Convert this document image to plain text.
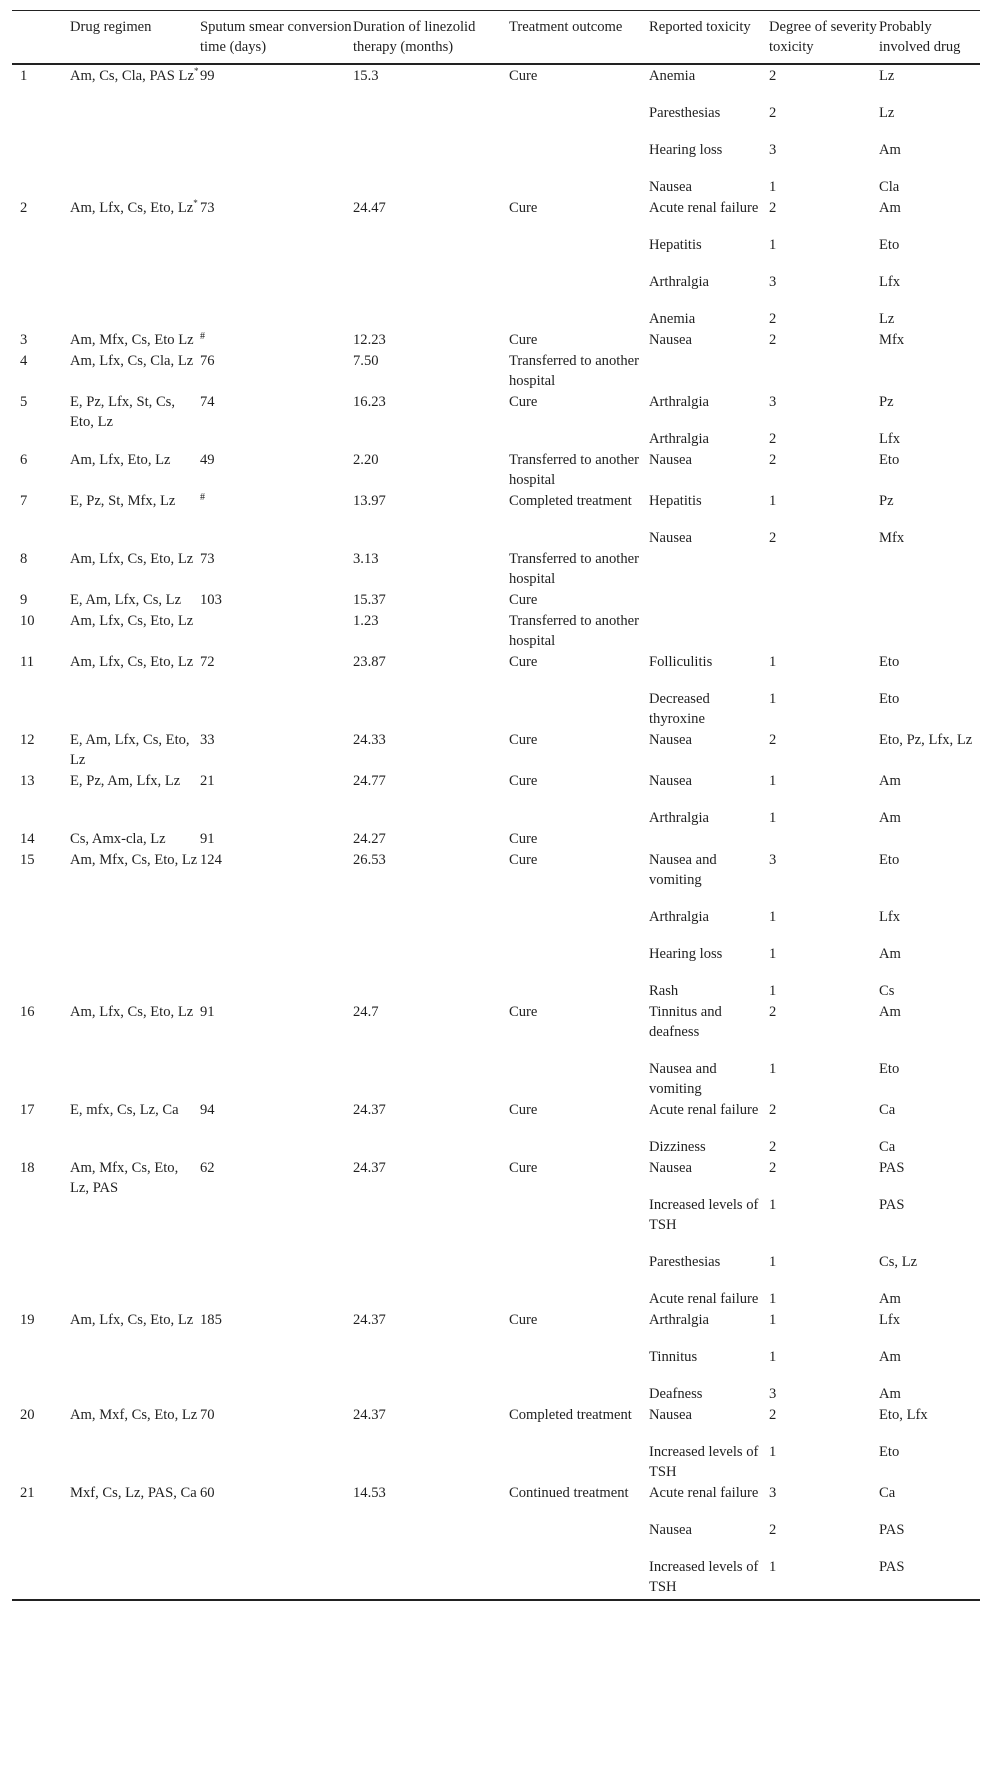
	Drug regimen	Sputum smear conversion time (days)	Duration of linezolid therapy (months)	Treatment outcome	Reported toxicity	Degree of severity toxicity	Probably involved drug

1	Am, Cs, Cla, PAS Lz*	99	15.3	Cure	Anemia	2	Lz

					Paresthesias	2	Lz

					Hearing loss	3	Am

					Nausea	1	Cla

2	Am, Lfx, Cs, Eto, Lz*	73	24.47	Cure	Acute renal failure	2	Am

					Hepatitis	1	Eto

					Arthralgia	3	Lfx

					Anemia	2	Lz

3	Am, Mfx, Cs, Eto Lz	#	12.23	Cure	Nausea	2	Mfx

4	Am, Lfx, Cs, Cla, Lz	76	7.50	Transferred to another hospital			

5	E, Pz, Lfx, St, Cs, Eto, Lz	74	16.23	Cure	Arthralgia	3	Pz

					Arthralgia	2	Lfx

6	Am, Lfx, Eto, Lz	49	2.20	Transferred to another hospital	Nausea	2	Eto

7	E, Pz, St, Mfx, Lz	#	13.97	Completed treatment	Hepatitis	1	Pz

					Nausea	2	Mfx

8	Am, Lfx, Cs, Eto, Lz	73	3.13	Transferred to another hospital			

9	E, Am, Lfx, Cs, Lz	103	15.37	Cure			

10	Am, Lfx, Cs, Eto, Lz		1.23	Transferred to another hospital			

11	Am, Lfx, Cs, Eto, Lz	72	23.87	Cure	Folliculitis	1	Eto

					Decreased thyroxine	1	Eto

12	E, Am, Lfx, Cs, Eto, Lz	33	24.33	Cure	Nausea	2	Eto, Pz, Lfx, Lz

13	E, Pz, Am, Lfx, Lz	21	24.77	Cure	Nausea	1	Am

					Arthralgia	1	Am

14	Cs, Amx-cla, Lz	91	24.27	Cure			

15	Am, Mfx, Cs, Eto, Lz	124	26.53	Cure	Nausea and vomiting	3	Eto

					Arthralgia	1	Lfx

					Hearing loss	1	Am

					Rash	1	Cs

16	Am, Lfx, Cs, Eto, Lz	91	24.7	Cure	Tinnitus and deafness	2	Am

					Nausea and vomiting	1	Eto

17	E, mfx, Cs, Lz, Ca	94	24.37	Cure	Acute renal failure	2	Ca

					Dizziness	2	Ca

18	Am, Mfx, Cs, Eto, Lz, PAS	62	24.37	Cure	Nausea	2	PAS

					Increased levels of TSH	1	PAS

					Paresthesias	1	Cs, Lz

					Acute renal failure	1	Am

19	Am, Lfx, Cs, Eto, Lz	185	24.37	Cure	Arthralgia	1	Lfx

					Tinnitus	1	Am

					Deafness	3	Am

20	Am, Mxf, Cs, Eto, Lz	70	24.37	Completed treatment	Nausea	2	Eto, Lfx

					Increased levels of TSH	1	Eto

21	Mxf, Cs, Lz, PAS, Ca	60	14.53	Continued treatment	Acute renal failure	3	Ca

					Nausea	2	PAS

					Increased levels of TSH	1	PAS
